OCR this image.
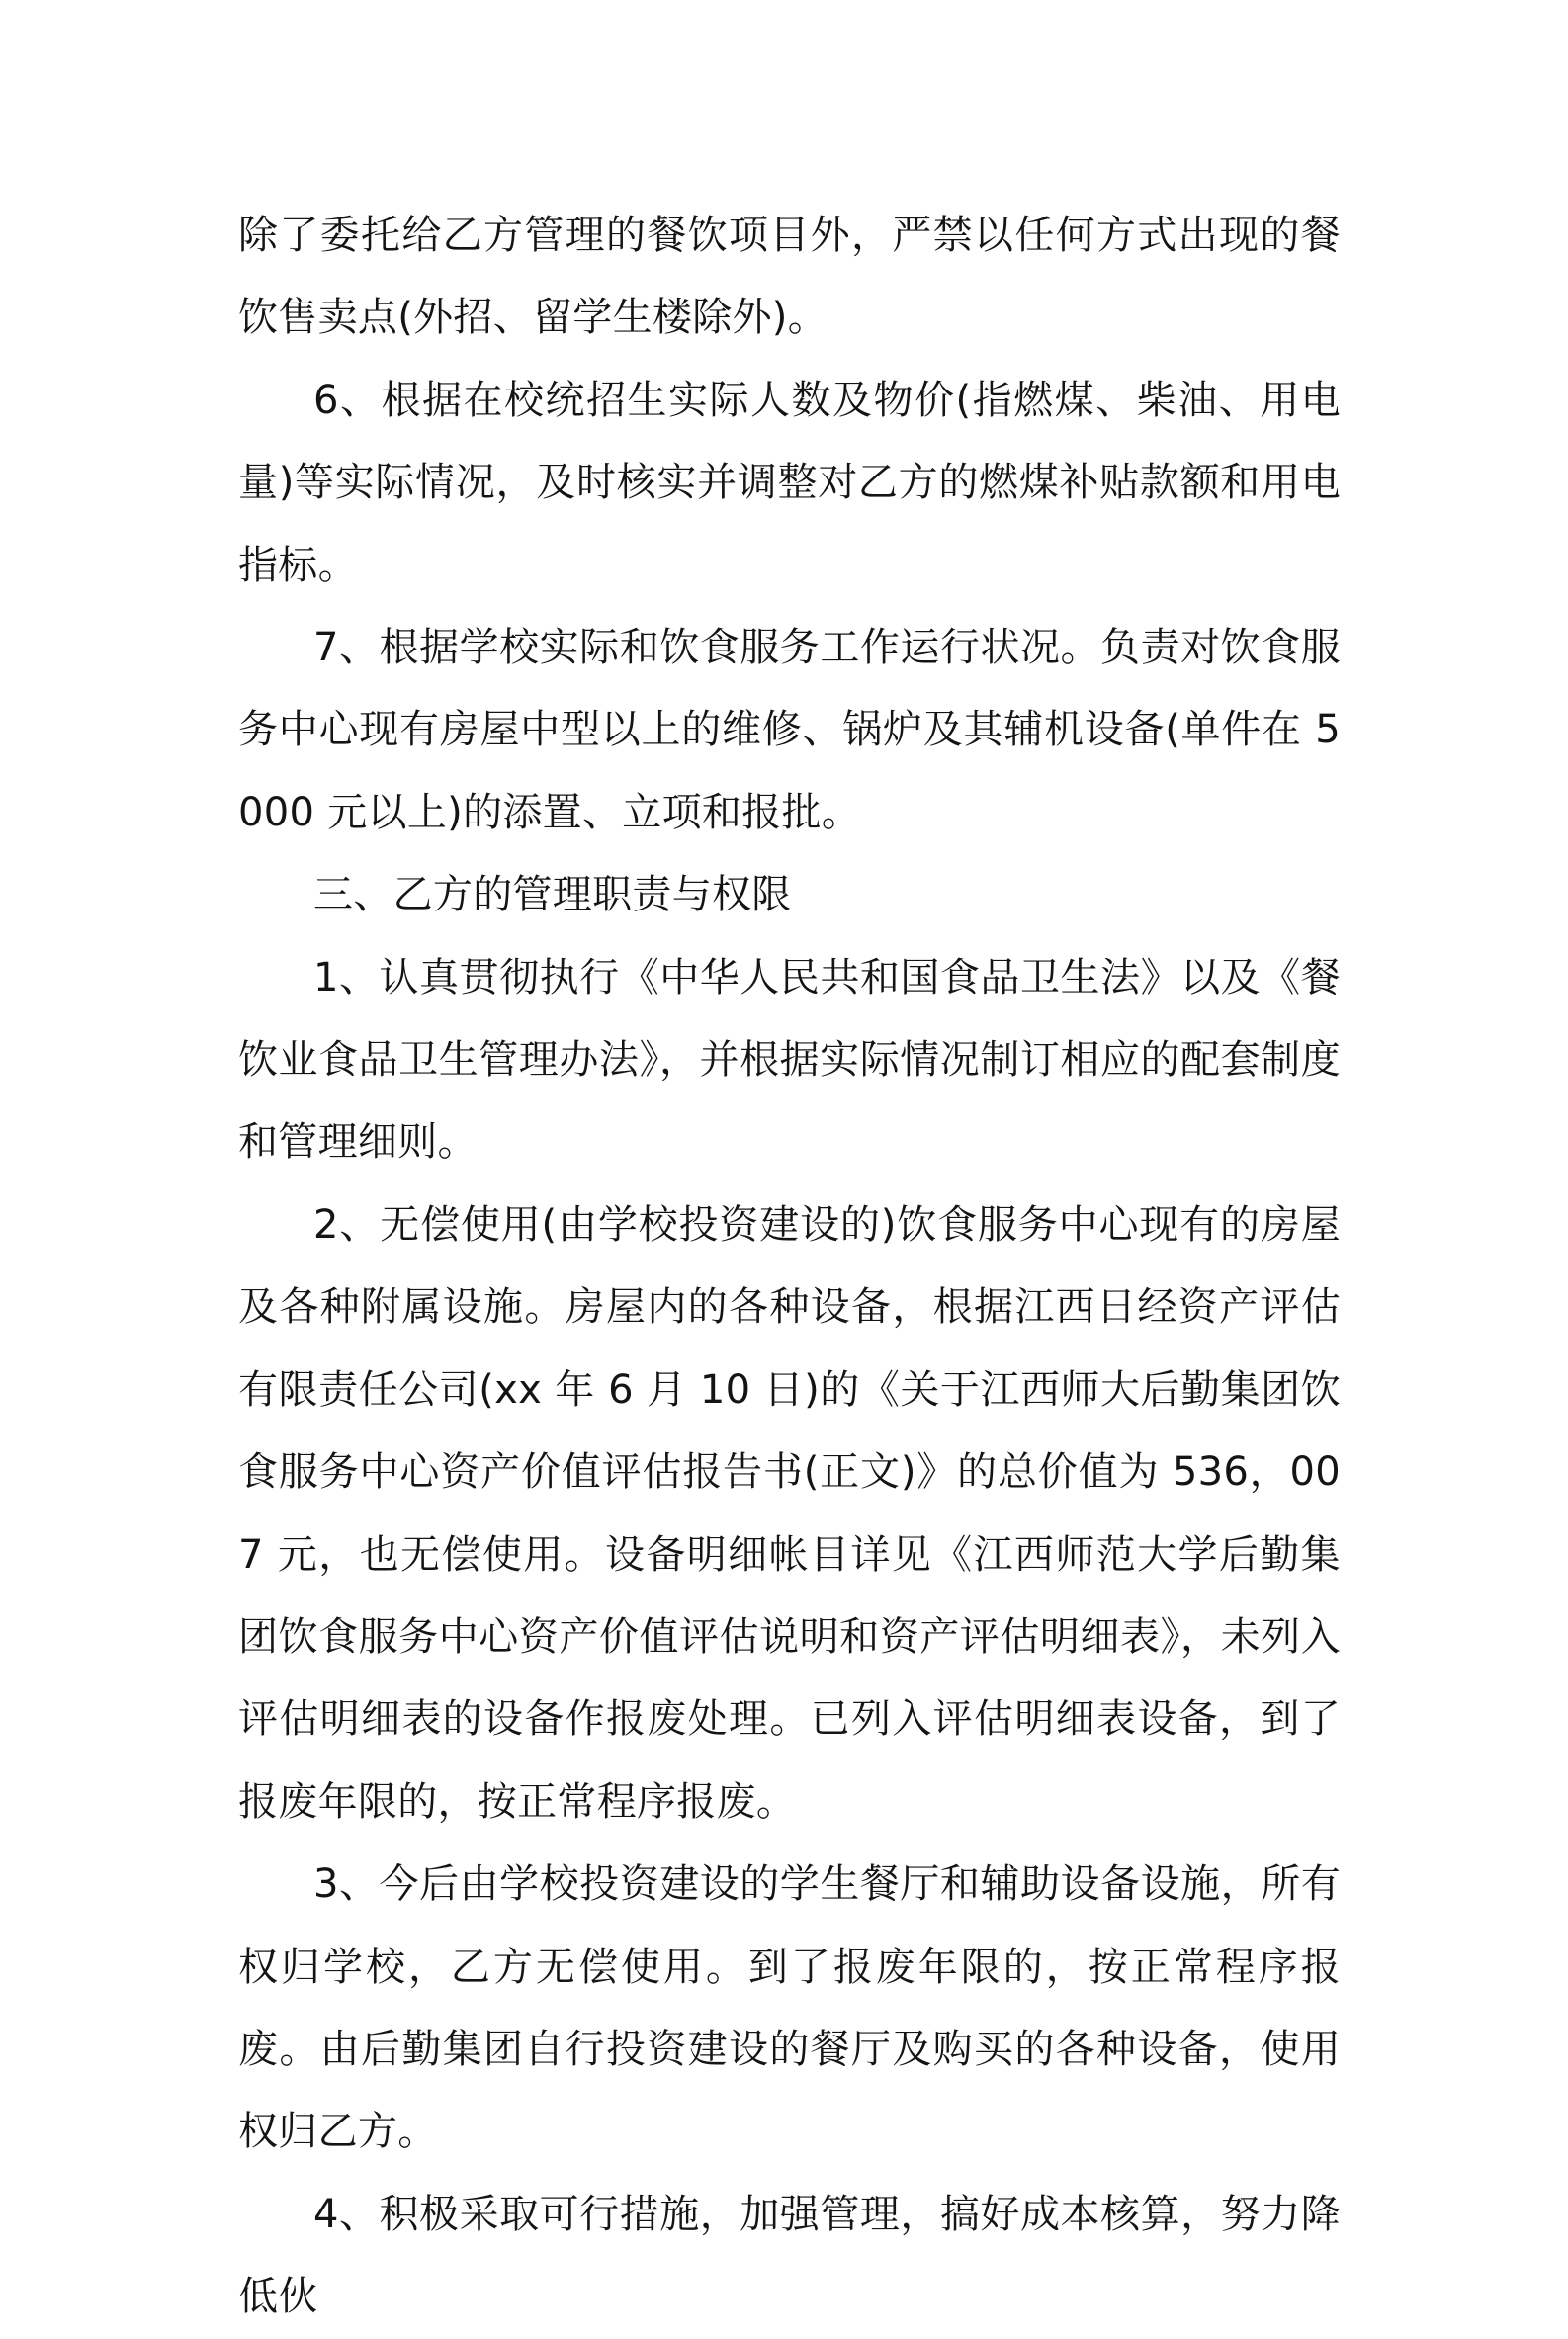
除了委托给乙方管理的餐饮项目外，严禁以任何方式出现的餐饮售卖点(外招、留学生楼除外)。

6、根据在校统招生实际人数及物价(指燃煤、柴油、用电量)等实际情况，及时核实并调整对乙方的燃煤补贴款额和用电指标。

7、根据学校实际和饮食服务工作运行状况。负责对饮食服务中心现有房屋中型以上的维修、锅炉及其辅机设备(单件在 5000 元以上)的添置、立项和报批。

三、乙方的管理职责与权限

1、认真贯彻执行《中华人民共和国食品卫生法》以及《餐饮业食品卫生管理办法》，并根据实际情况制订相应的配套制度和管理细则。

2、无偿使用(由学校投资建设的)饮食服务中心现有的房屋及各种附属设施。房屋内的各种设备，根据江西日经资产评估有限责任公司(xx 年 6 月 10 日)的《关于江西师大后勤集团饮食服务中心资产价值评估报告书(正文)》的总价值为 536，007 元，也无偿使用。设备明细帐目详见《江西师范大学后勤集团饮食服务中心资产价值评估说明和资产评估明细表》，未列入评估明细表的设备作报废处理。已列入评估明细表设备，到了报废年限的，按正常程序报废。

3、今后由学校投资建设的学生餐厅和辅助设备设施，所有权归学校，乙方无偿使用。到了报废年限的，按正常程序报废。由后勤集团自行投资建设的餐厅及购买的各种设备，使用权归乙方。

4、积极采取可行措施，加强管理，搞好成本核算，努力降低伙
